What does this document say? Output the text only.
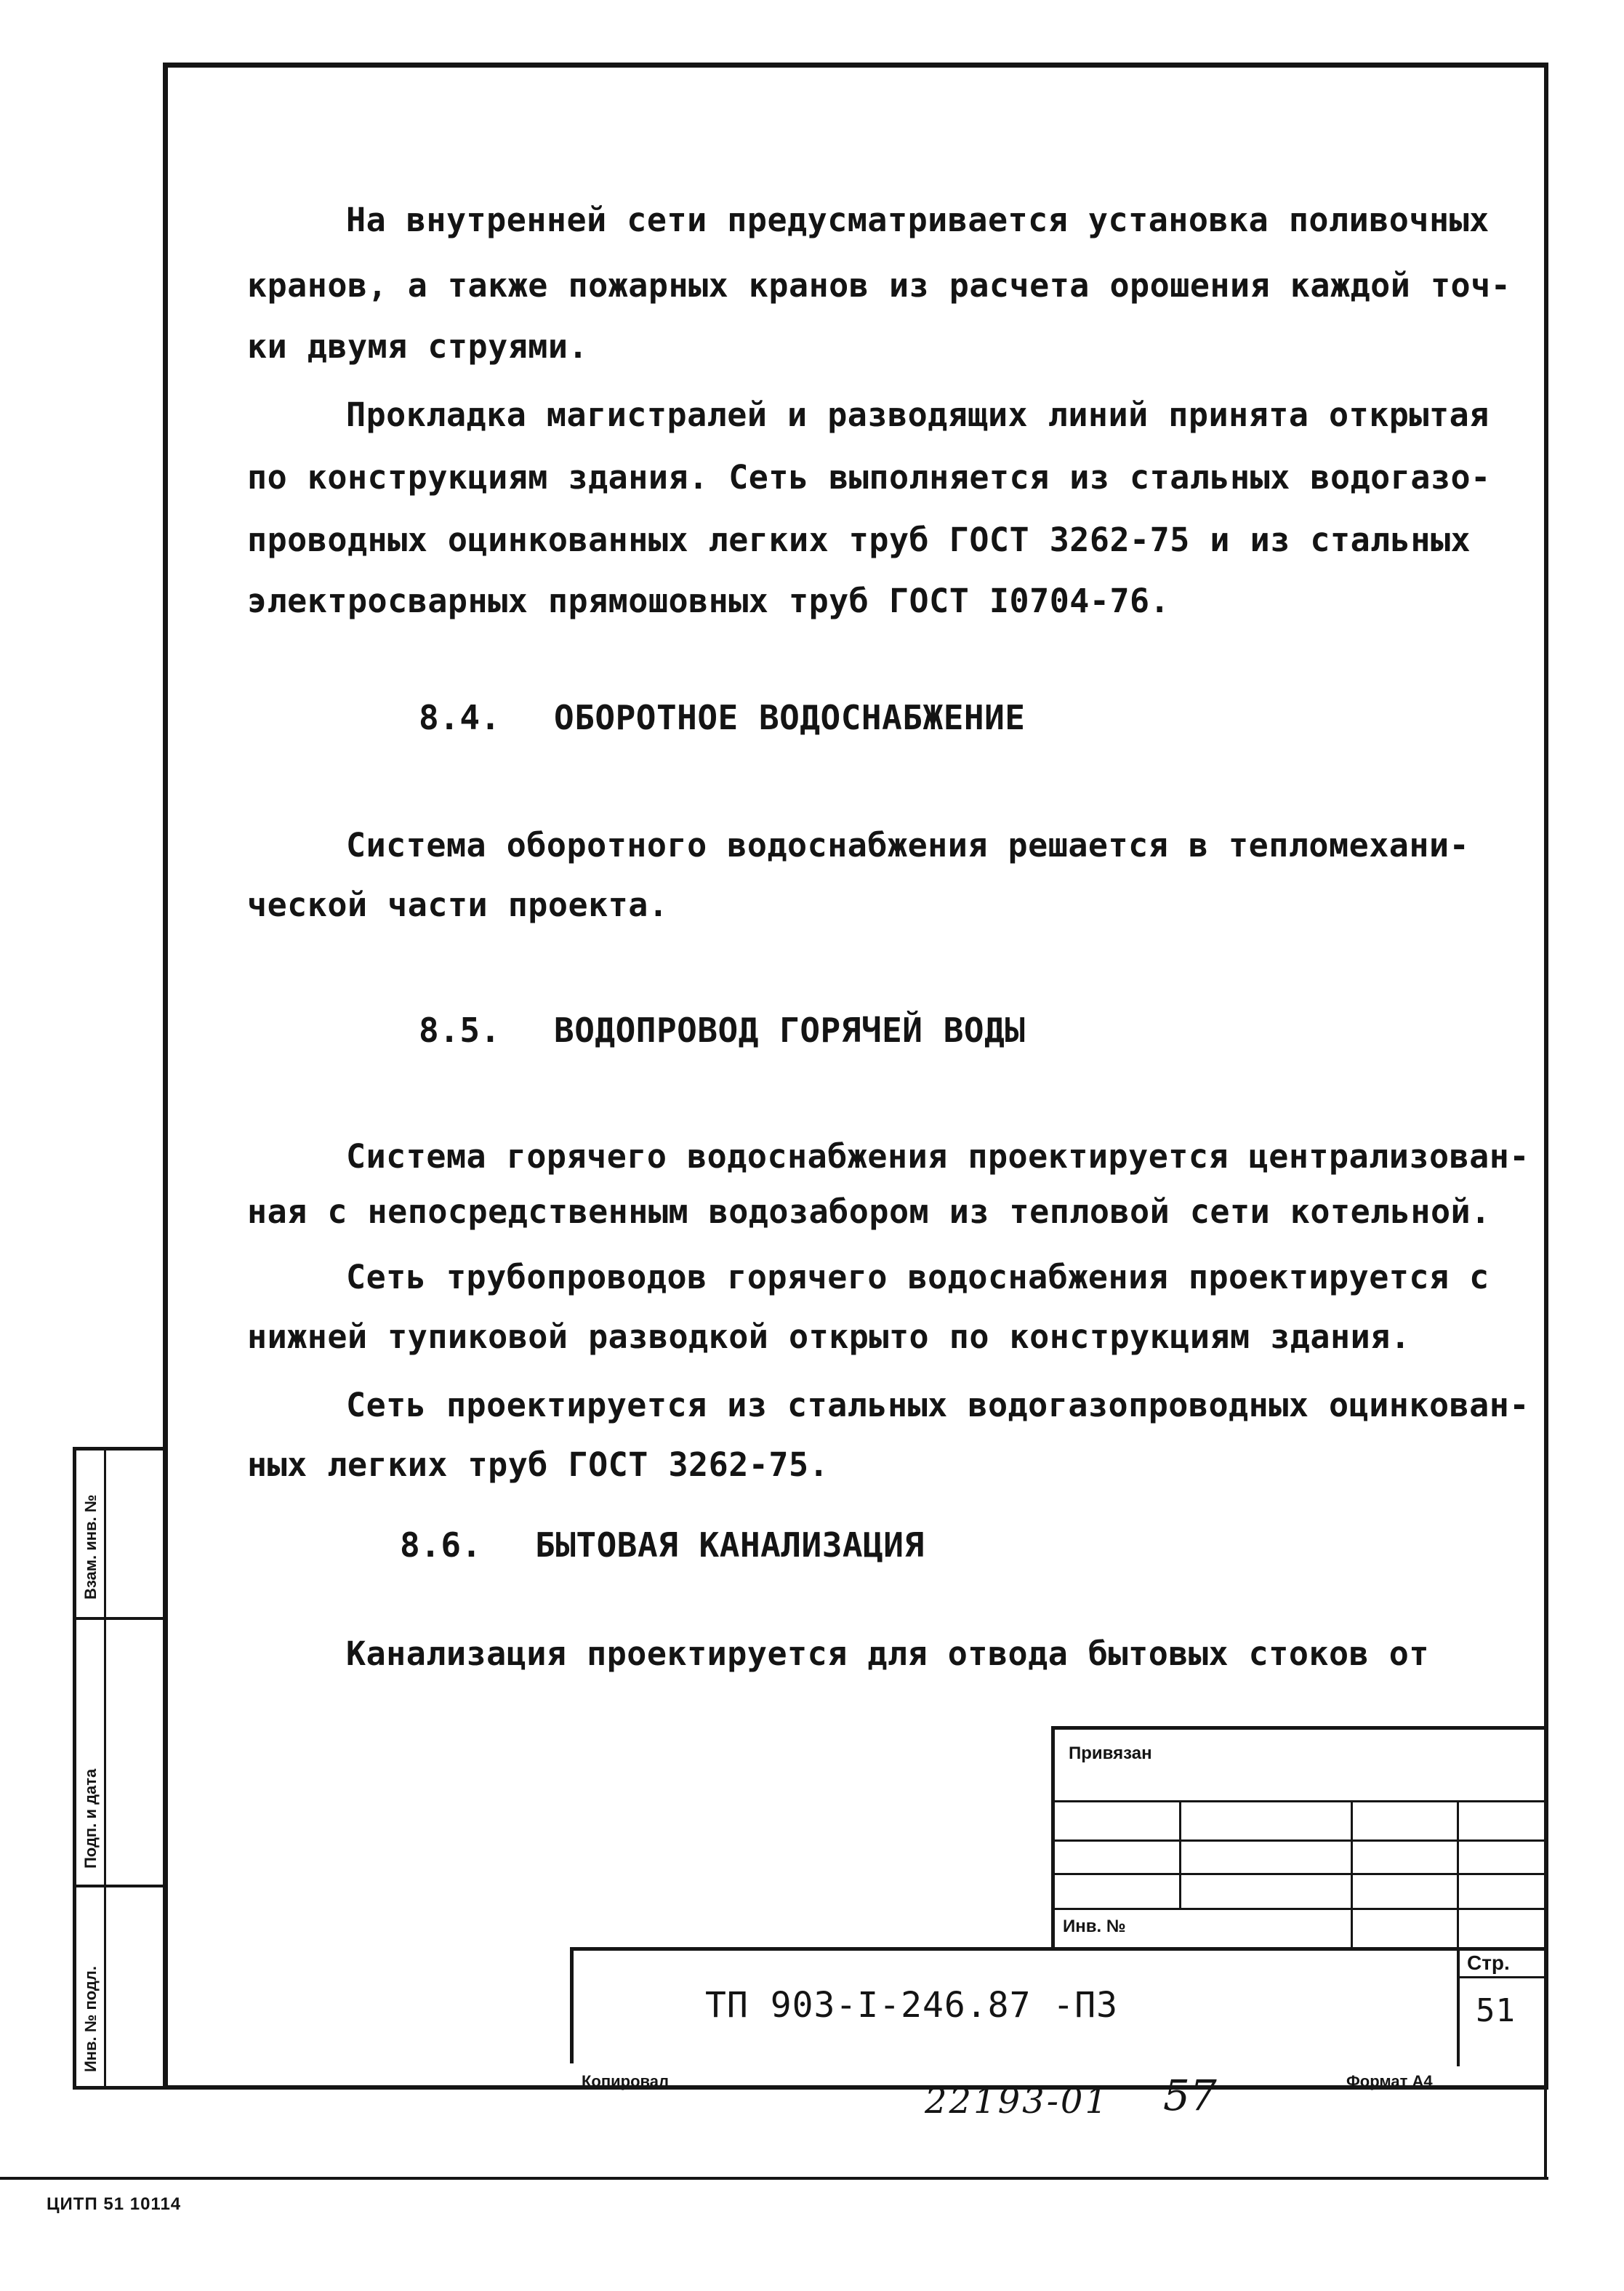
На внутренней сети предусматривается установка поливочных
кранов, а также пожарных кранов из расчета орошения каждой точ-
ки двумя струями.
Прокладка магистралей и разводящих линий принята открытая
по конструкциям здания. Сеть выполняется из стальных водогазо-
проводных оцинкованных легких труб ГОСТ 3262-75 и из стальных
электросварных прямошовных труб ГОСТ I0704-76.
8.4. ОБОРОТНОЕ ВОДОСНАБЖЕНИЕ
Система оборотного водоснабжения решается в тепломехани-
ческой части проекта.
8.5. ВОДОПРОВОД ГОРЯЧЕЙ ВОДЫ
Система горячего водоснабжения проектируется централизован-
ная с непосредственным водозабором из тепловой сети котельной.
Сеть трубопроводов горячего водоснабжения проектируется с
нижней тупиковой разводкой открыто по конструкциям здания.
Сеть проектируется из стальных водогазопроводных оцинкован-
ных легких труб ГОСТ 3262-75.
8.6. БЫТОВАЯ КАНАЛИЗАЦИЯ
Канализация проектируется для отвода бытовых стоков от
Взам. инв. №
Подп. и дата
Инв. № подл.
Привязан
Инв. №
ТП 903-I-246.87 -ПЗ
Стр.
51
Копировал	22193-01 57	Формат А4
ЦИТП 51 10114
